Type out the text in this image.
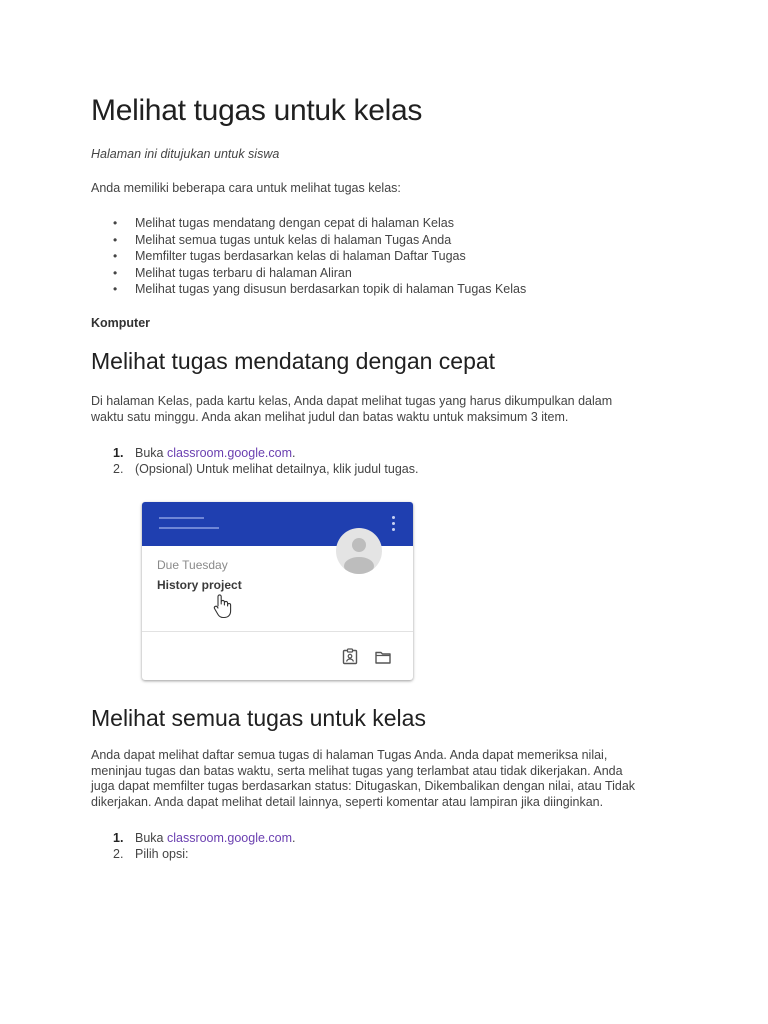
Melihat tugas untuk kelas

Halaman ini ditujukan untuk siswa

Anda memiliki beberapa cara untuk melihat tugas kelas:

• Melihat tugas mendatang dengan cepat di halaman Kelas
• Melihat semua tugas untuk kelas di halaman Tugas Anda
• Memfilter tugas berdasarkan kelas di halaman Daftar Tugas
• Melihat tugas terbaru di halaman Aliran
• Melihat tugas yang disusun berdasarkan topik di halaman Tugas Kelas
Komputer
Melihat tugas mendatang dengan cepat

Di halaman Kelas, pada kartu kelas, Anda dapat melihat tugas yang harus dikumpulkan dalam
waktu satu minggu. Anda akan melihat judul dan batas waktu untuk maksimum 3 item.

1. Buka classroom.google.com.
2. (Opsional) Untuk melihat detailnya, klik judul tugas.
Melihat semua tugas untuk kelas

Anda dapat melihat daftar semua tugas di halaman Tugas Anda. Anda dapat memeriksa nilai,
meninjau tugas dan batas waktu, serta melihat tugas yang terlambat atau tidak dikerjakan. Anda
juga dapat memfilter tugas berdasarkan status: Ditugaskan, Dikembalikan dengan nilai, atau Tidak
dikerjakan. Anda dapat melihat detail lainnya, seperti komentar atau lampiran jika diinginkan.

1. Buka classroom.google.com.
2. Pilih opsi:
Due Tuesday
History project
